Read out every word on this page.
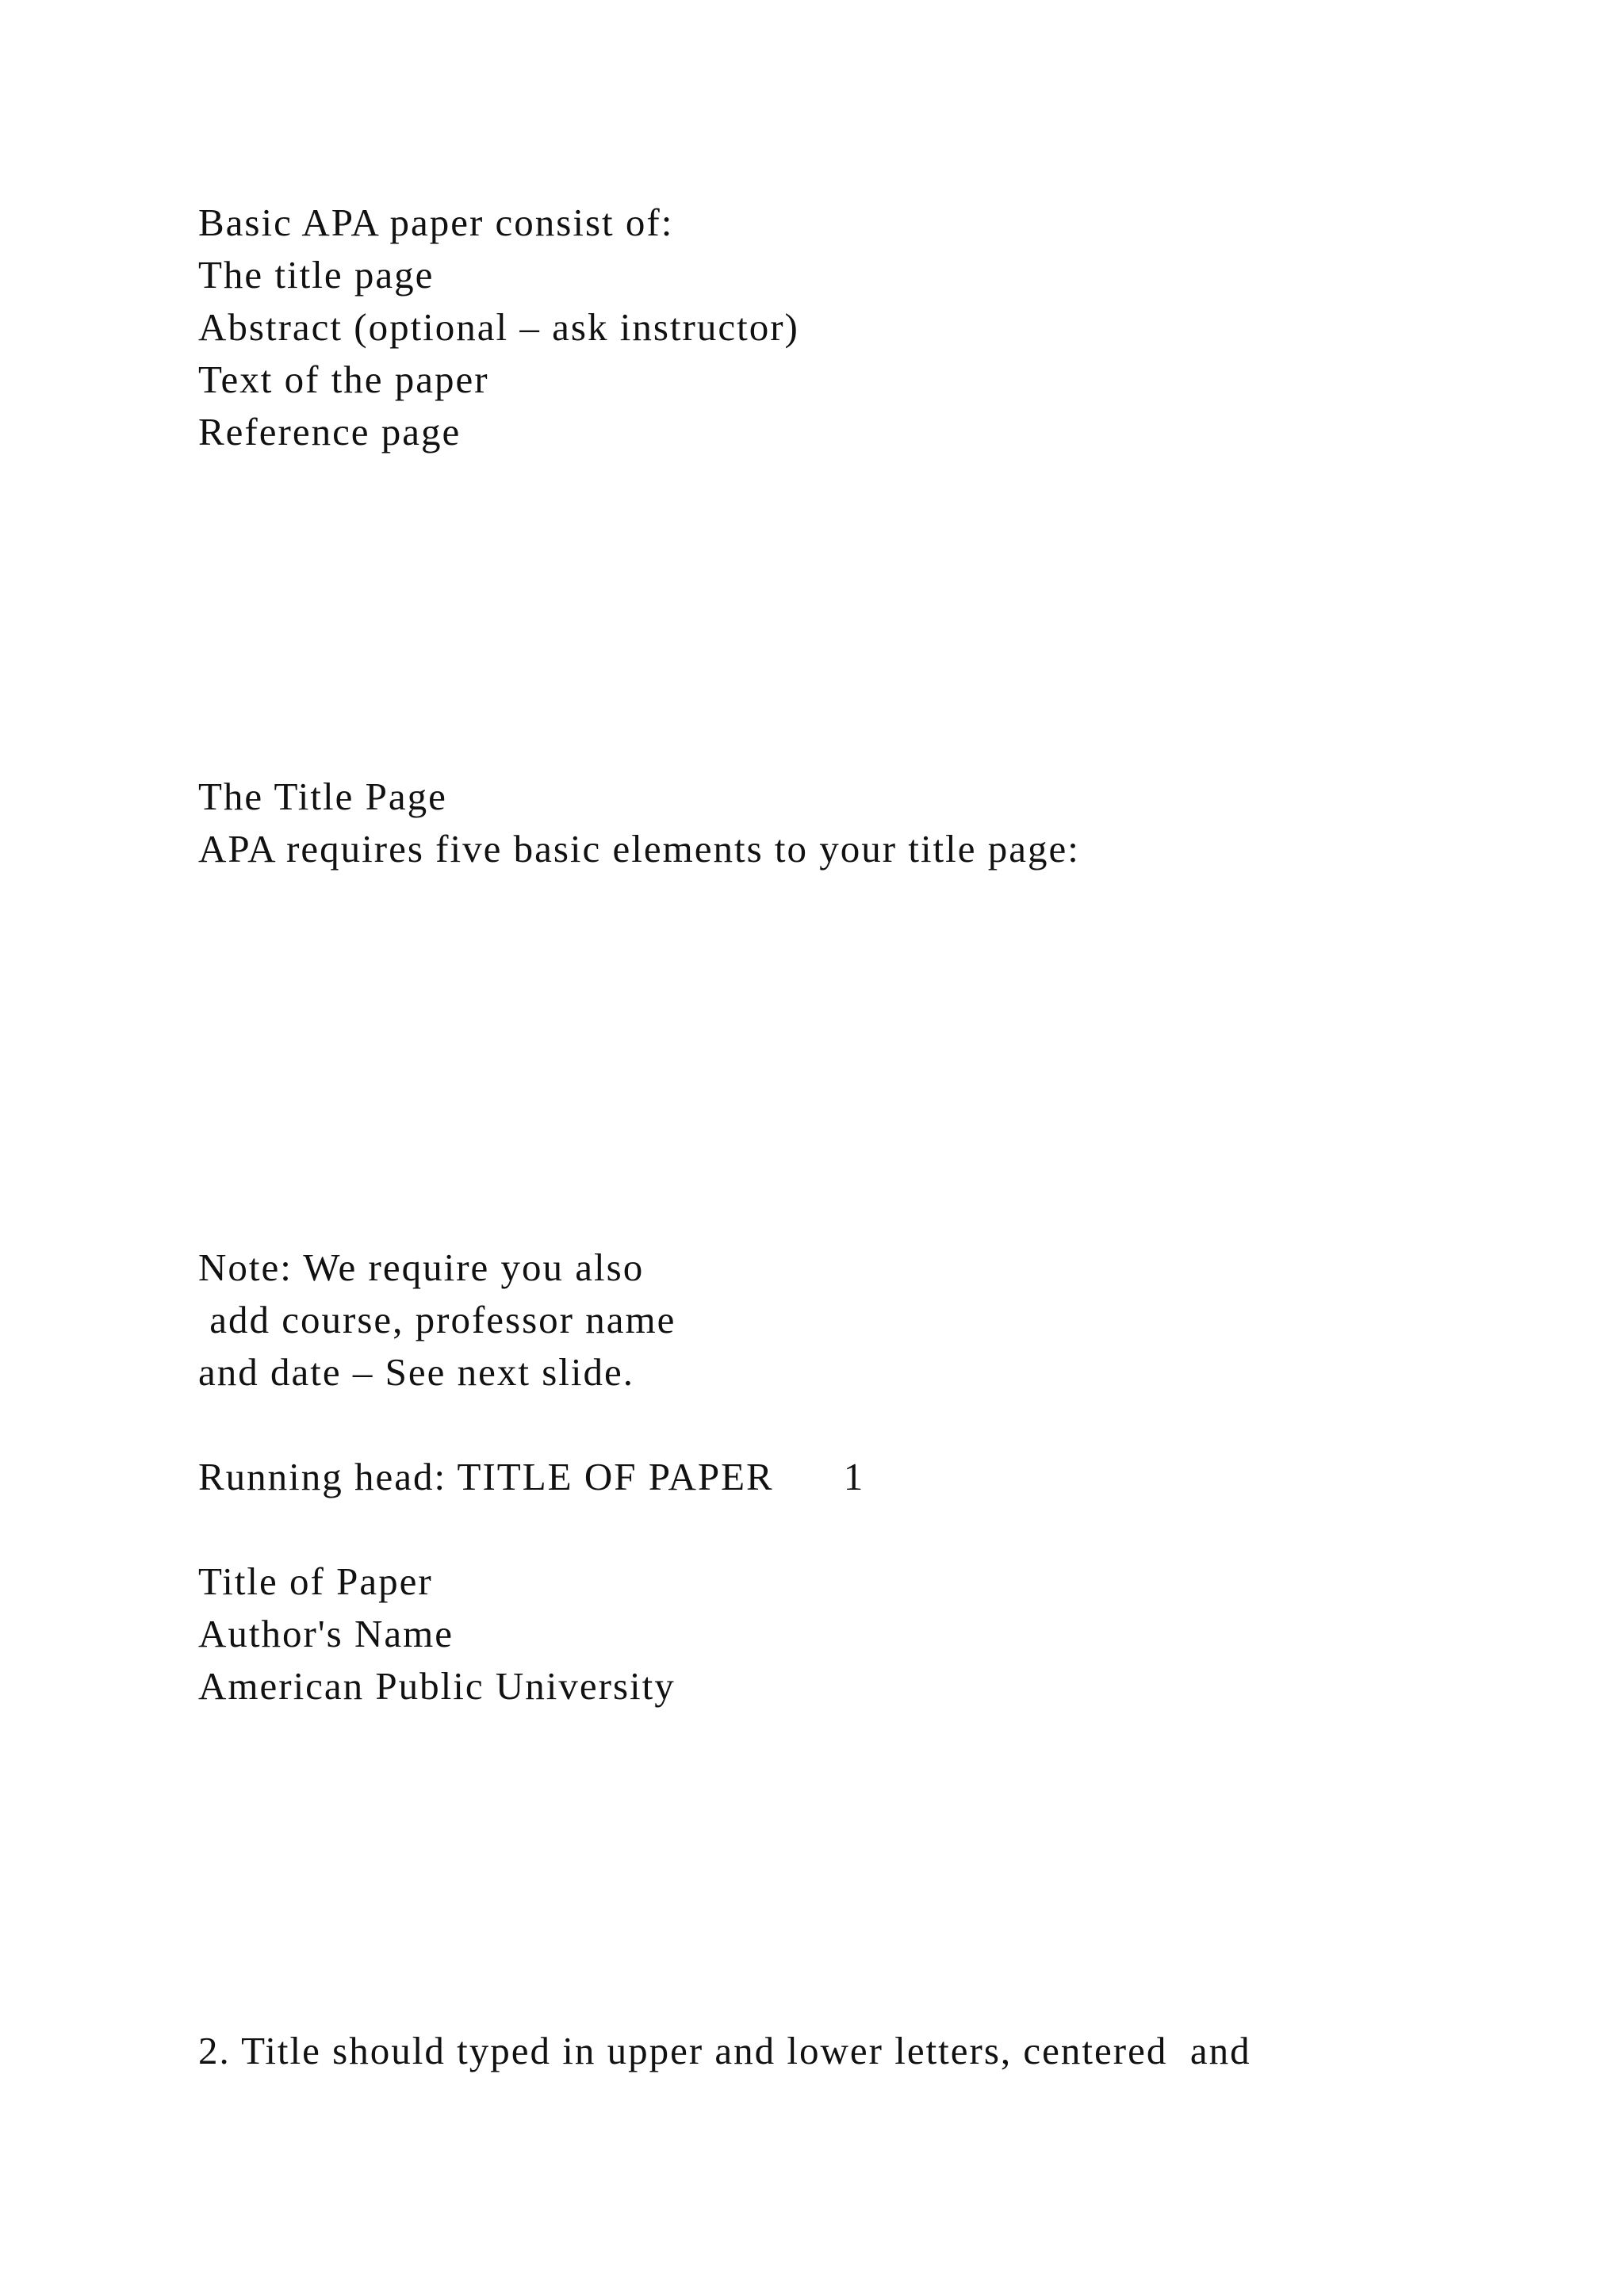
Basic APA paper consist of:

The title page

Abstract (optional – ask instructor)

Text of the paper

Reference page

The Title Page

APA requires five basic elements to your title page:

Note: We require you also

add course, professor name

and date – See next slide.

Running head: TITLE OF PAPER 1

Title of Paper

Author's Name

American Public University

2. Title should typed in upper and lower letters, centered  and
